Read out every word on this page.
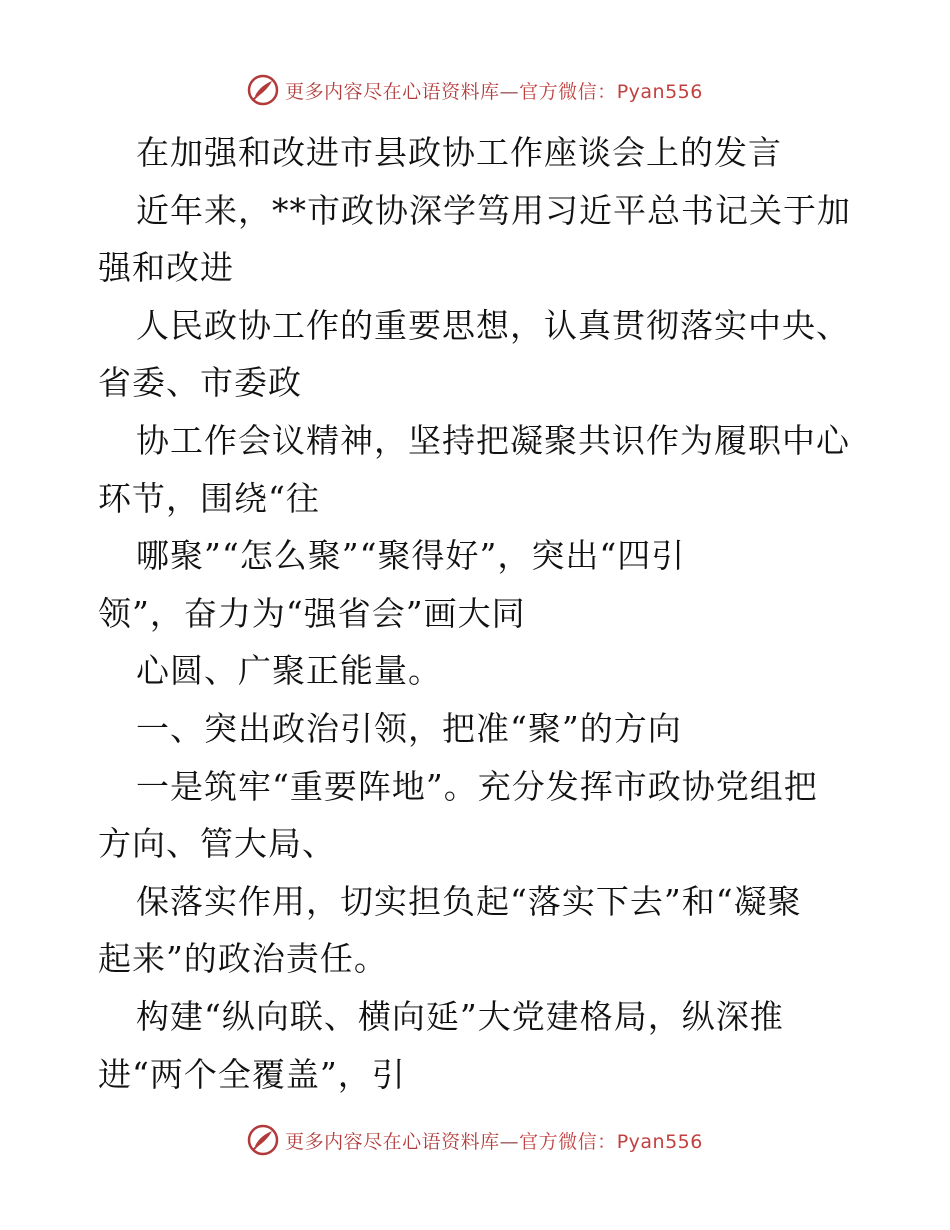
更多内容尽在心语资料库—官方微信：Pyan556
在加强和改进市县政协工作座谈会上的发言
近年来，**市政协深学笃用习近平总书记关于加
强和改进
人民政协工作的重要思想，认真贯彻落实中央、
省委、市委政
协工作会议精神，坚持把凝聚共识作为履职中心
环节，围绕“往
哪聚”“怎么聚”“聚得好”，突出“四引
领”，奋力为“强省会”画大同
心圆、广聚正能量。
一、突出政治引领，把准“聚”的方向
一是筑牢“重要阵地”。充分发挥市政协党组把
方向、管大局、
保落实作用，切实担负起“落实下去”和“凝聚
起来”的政治责任。
构建“纵向联、横向延”大党建格局，纵深推
进“两个全覆盖”，引
更多内容尽在心语资料库—官方微信：Pyan556
